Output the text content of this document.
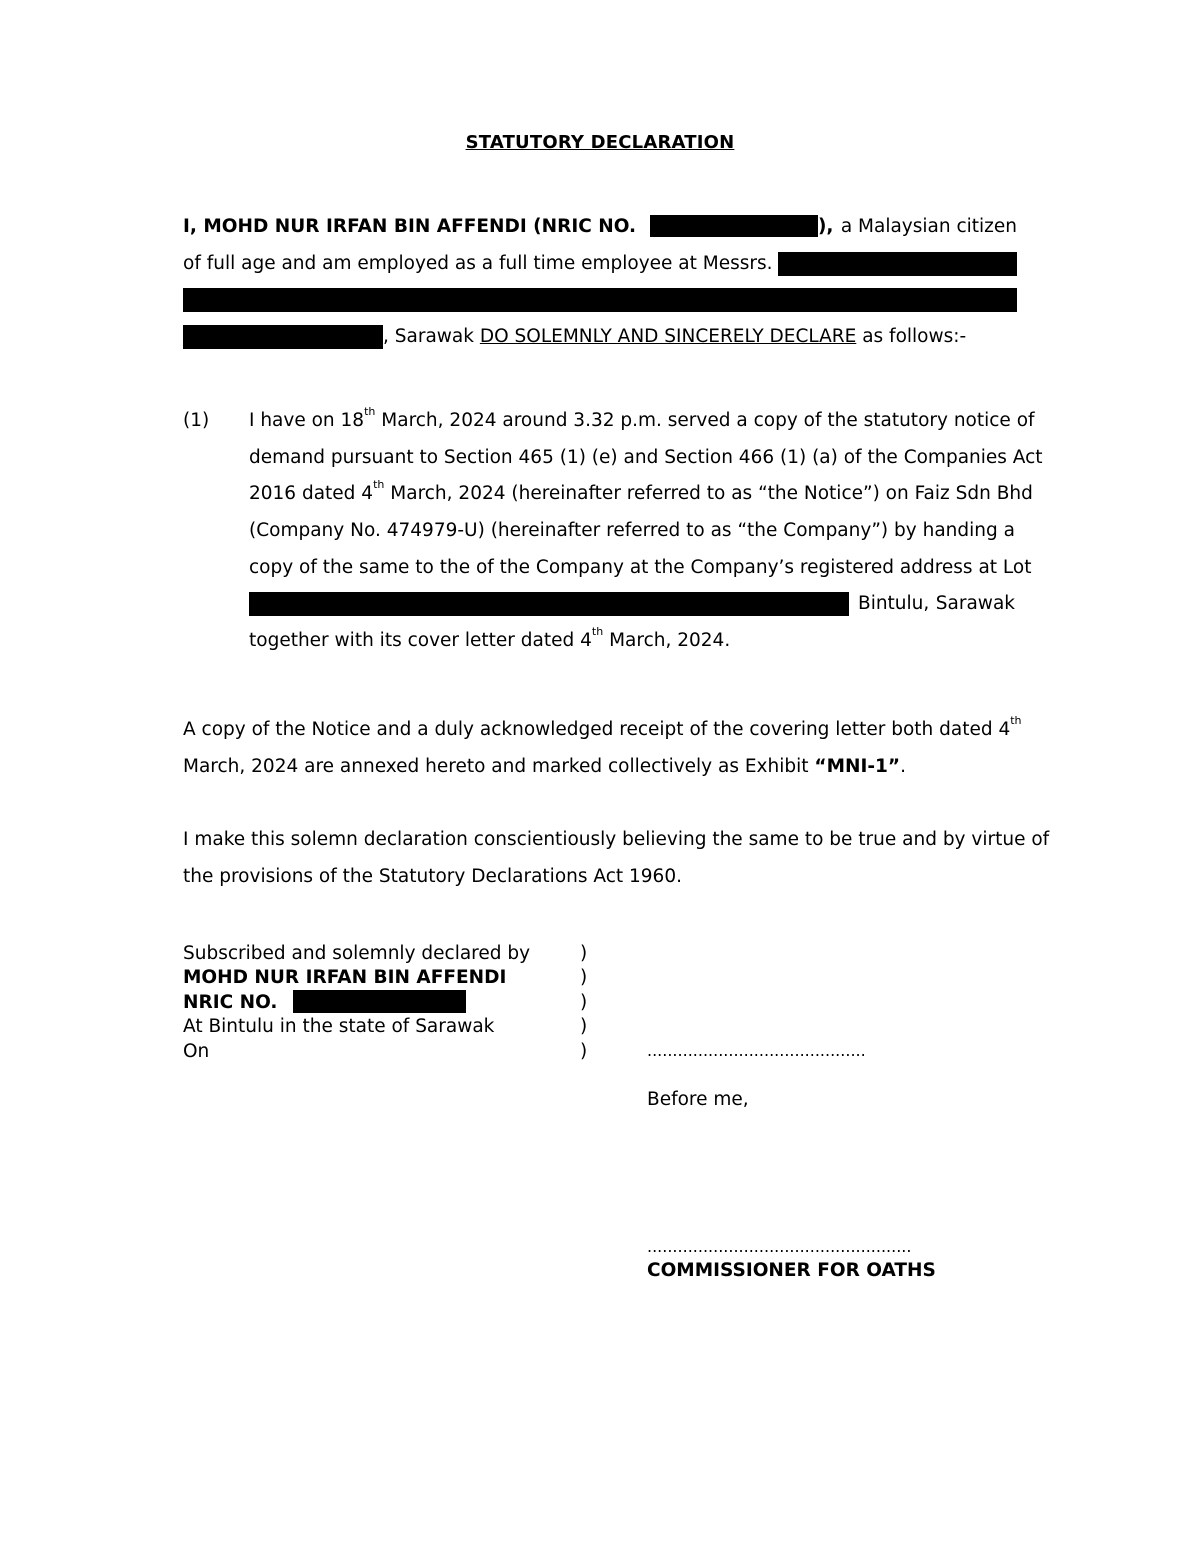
STATUTORY DECLARATION
I, MOHD NUR IRFAN BIN AFFENDI (NRIC NO.	), a Malaysian citizen
of full age and am employed as a full time employee at Messrs.
, Sarawak DO SOLEMNLY AND SINCERELY DECLARE as follows:-
(1) I have on 18th March, 2024 around 3.32 p.m. served a copy of the statutory notice of
demand pursuant to Section 465 (1) (e) and Section 466 (1) (a) of the Companies Act
2016 dated 4th March, 2024 (hereinafter referred to as “the Notice”) on Faiz Sdn Bhd
(Company No. 474979-U) (hereinafter referred to as “the Company”) by handing a
copy of the same to the of the Company at the Company’s registered address at Lot
Bintulu, Sarawak
together with its cover letter dated 4th March, 2024.
A copy of the Notice and a duly acknowledged receipt of the covering letter both dated 4th
March, 2024 are annexed hereto and marked collectively as Exhibit “MNI-1”.
I make this solemn declaration conscientiously believing the same to be true and by virtue of
the provisions of the Statutory Declarations Act 1960.
Subscribed and solemnly declared by
MOHD NUR IRFAN BIN AFFENDI
NRIC NO.
At Bintulu in the state of Sarawak
On
)
)
)
)
)	...........................................
Before me,
....................................................
COMMISSIONER FOR OATHS
